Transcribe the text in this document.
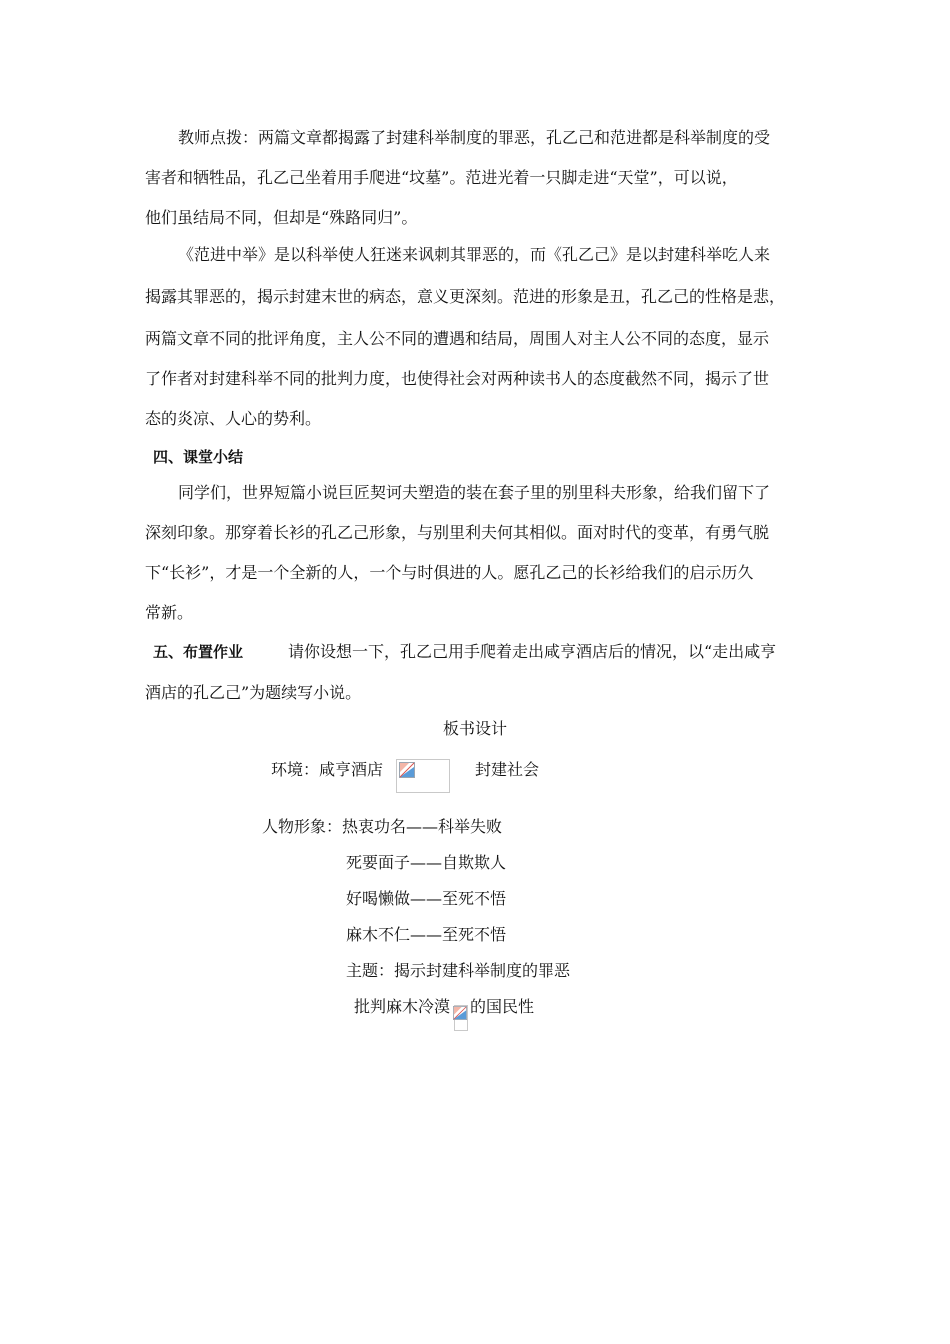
教师点拨：两篇文章都揭露了封建科举制度的罪恶，孔乙己和范进都是科举制度的受
害者和牺牲品，孔乙己坐着用手爬进“坟墓”。范进光着一只脚走进“天堂”，可以说，
他们虽结局不同，但却是“殊路同归”。
《范进中举》是以科举使人狂迷来讽刺其罪恶的，而《孔乙己》是以封建科举吃人来
揭露其罪恶的，揭示封建末世的病态，意义更深刻。范进的形象是丑，孔乙己的性格是悲，
两篇文章不同的批评角度，主人公不同的遭遇和结局，周围人对主人公不同的态度，显示
了作者对封建科举不同的批判力度，也使得社会对两种读书人的态度截然不同，揭示了世
态的炎凉、人心的势利。
四、课堂小结
同学们，世界短篇小说巨匠契诃夫塑造的装在套子里的别里科夫形象，给我们留下了
深刻印象。那穿着长衫的孔乙己形象，与别里利夫何其相似。面对时代的变革，有勇气脱
下“长衫”，才是一个全新的人，一个与时俱进的人。愿孔乙己的长衫给我们的启示历久
常新。
五、布置作业	请你设想一下，孔乙己用手爬着走出咸亨酒店后的情况，以“走出咸亨
酒店的孔乙己”为题续写小说。
板书设计
环境：咸亨酒店	封建社会
人物形象：热衷功名——科举失败
死要面子——自欺欺人
好喝懒做——至死不悟
麻木不仁——至死不悟
主题：揭示封建科举制度的罪恶
批判麻木冷漠 的国民性
